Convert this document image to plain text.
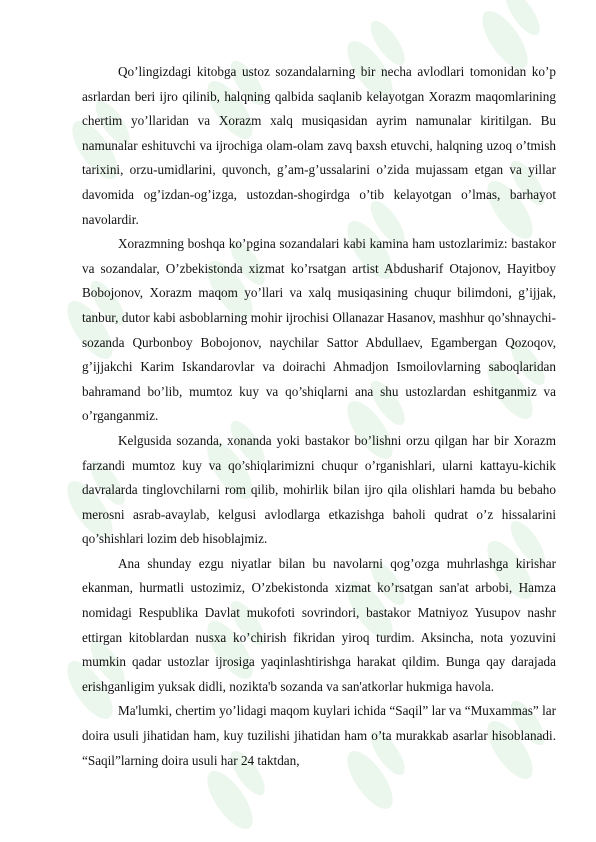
Qo’lingizdagi kitobga ustoz sozandalarning bir necha avlodlari tomonidan ko’p asrlardan beri ijro qilinib, halqning qalbida saqlanib kelayotgan Xorazm maqomlarining chertim yo’llaridan va Xorazm xalq musiqasidan ayrim namunalar kiritilgan. Bu namunalar eshituvchi va ijrochiga olam-olam zavq baxsh etuvchi, halqning uzoq o’tmish tarixini, orzu-umidlarini, quvonch, g’am-g’ussalarini o’zida mujassam etgan va yillar davomida og’izdan-og’izga, ustozdan-shogirdga o’tib kelayotgan o’lmas, barhayot navolardir.

Xorazmning boshqa ko’pgina sozandalari kabi kamina ham ustozlarimiz: bastakor va sozandalar, O’zbekistonda xizmat ko’rsatgan artist Abdusharif Otajonov, Hayitboy Bobojonov, Xorazm maqom yo’llari va xalq musiqasining chuqur bilimdoni, g’ijjak, tanbur, dutor kabi asboblarning mohir ijrochisi Ollanazar Hasanov, mashhur qo’shnaychi-sozanda Qurbonboy Bobojonov, naychilar Sattor Abdullaev, Egambergan Qozoqov, g’ijjakchi Karim Iskandarovlar va doirachi Ahmadjon Ismoilovlarning saboqlaridan bahramand bo’lib, mumtoz kuy va qo’shiqlarni ana shu ustozlardan eshitganmiz va o’rganganmiz.

Kelgusida sozanda, xonanda yoki bastakor bo’lishni orzu qilgan har bir Xorazm farzandi mumtoz kuy va qo’shiqlarimizni chuqur o’rganishlari, ularni kattayu-kichik davralarda tinglovchilarni rom qilib, mohirlik bilan ijro qila olishlari hamda bu bebaho merosni asrab-avaylab, kelgusi avlodlarga etkazishga baholi qudrat o’z hissalarini qo’shishlari lozim deb hisoblajmiz.

Ana shunday ezgu niyatlar bilan bu navolarni qog’ozga muhrlashga kirishar ekanman, hurmatli ustozimiz, O’zbekistonda xizmat ko’rsatgan san'at arbobi, Hamza nomidagi Respublika Davlat mukofoti sovrindori, bastakor Matniyoz Yusupov nashr ettirgan kitoblardan nusxa ko’chirish fikridan yiroq turdim. Aksincha, nota yozuvini mumkin qadar ustozlar ijrosiga yaqinlashtirishga harakat qildim. Bunga qay darajada erishganligim yuksak didli, nozikta'b sozanda va san'atkorlar hukmiga havola.

Ma'lumki, chertim yo’lidagi maqom kuylari ichida “Saqil” lar va “Muxammas” lar doira usuli jihatidan ham, kuy tuzilishi jihatidan ham o’ta murakkab asarlar hisoblanadi. “Saqil”larning doira usuli har 24 taktdan,
